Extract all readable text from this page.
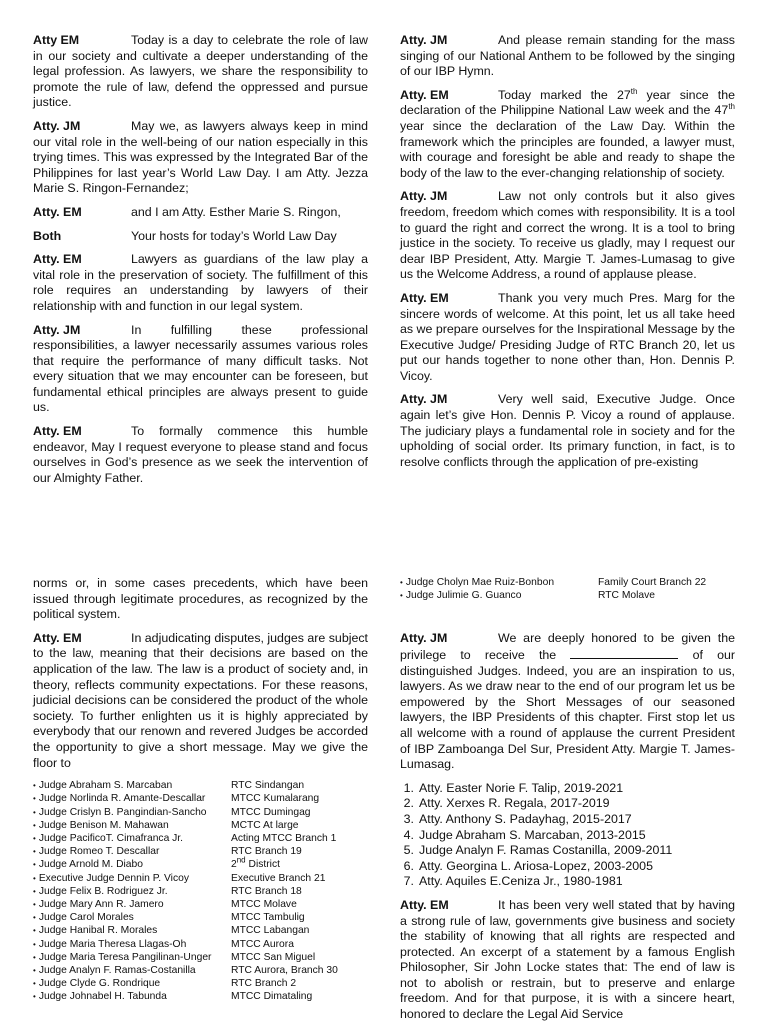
Atty EM	Today is a day to celebrate the role of law in our society and cultivate a deeper understanding of the legal profession. As lawyers, we share the responsibility to promote the rule of law, defend the oppressed and pursue justice.

Atty. JM	May we, as lawyers always keep in mind our vital role in the well-being of our nation especially in this trying times. This was expressed by the Integrated Bar of the Philippines for last year’s World Law Day. I am Atty. Jezza Marie S. Ringon-Fernandez;

Atty. EM	and I am Atty. Esther Marie S. Ringon,

Both	Your hosts for today’s World Law Day

Atty. EM	Lawyers as guardians of the law play a vital role in the preservation of society. The fulfillment of this role requires an understanding by lawyers of their relationship with and function in our legal system.

Atty. JM	In fulfilling these professional responsibilities, a lawyer necessarily assumes various roles that require the performance of many difficult tasks. Not every situation that we may encounter can be foreseen, but fundamental ethical principles are always present to guide us.

Atty. EM	To formally commence this humble endeavor, May I request everyone to please stand and focus ourselves in God’s presence as we seek the intervention of our Almighty Father.

Atty. JM	And please remain standing for the mass singing of our National Anthem to be followed by the singing of our IBP Hymn.

Atty. EM	Today marked the 27th year since the declaration of the Philippine National Law week and the 47th year since the declaration of the Law Day. Within the framework which the principles are founded, a lawyer must, with courage and foresight be able and ready to shape the body of the law to the ever-changing relationship of society.

Atty. JM	Law not only controls but it also gives freedom, freedom which comes with responsibility. It is a tool to guard the right and correct the wrong. It is a tool to bring justice in the society. To receive us gladly, may I request our dear IBP President, Atty. Margie T. James-Lumasag to give us the Welcome Address, a round of applause please.

Atty. EM	Thank you very much Pres. Marg for the sincere words of welcome. At this point, let us all take heed as we prepare ourselves for the Inspirational Message by the Executive Judge/ Presiding Judge of RTC Branch 20, let us put our hands together to none other than, Hon. Dennis P. Vicoy.

Atty. JM	Very well said, Executive Judge. Once again let’s give Hon. Dennis P. Vicoy a round of applause. The judiciary plays a fundamental role in society and for the upholding of social order. Its primary function, in fact, is to resolve conflicts through the application of pre-existing

norms or, in some cases precedents, which have been issued through legitimate procedures, as recognized by the political system.

Atty. EM	In adjudicating disputes, judges are subject to the law, meaning that their decisions are based on the application of the law. The law is a product of society and, in theory, reflects community expectations. For these reasons, judicial decisions can be considered the product of the whole society. To further enlighten us it is highly appreciated by everybody that our renown and revered Judges be accorded the opportunity to give a short message. May we give the floor to

• Judge Abraham S. Marcaban	RTC Sindangan
• Judge Norlinda R. Amante-Descallar	MTCC Kumalarang
• Judge Crislyn B. Pangindian-Sancho	MTCC Dumingag
• Judge Benison M. Mahawan	MCTC At large
• Judge PacificoT. Cimafranca Jr.	Acting MTCC Branch 1
• Judge Romeo T. Descallar	RTC Branch 19
• Judge Arnold M. Diabo	2nd District
• Executive Judge Dennin P. Vicoy	Executive Branch 21
• Judge Felix B. Rodriguez Jr.	RTC Branch 18
• Judge Mary Ann R. Jamero	MTCC Molave
• Judge Carol Morales	MTCC Tambulig
• Judge Hanibal R. Morales	MTCC Labangan
• Judge Maria Theresa Llagas-Oh	MTCC Aurora
• Judge Maria Teresa Pangilinan-Unger	MTCC San Miguel
• Judge Analyn F. Ramas-Costanilla	RTC Aurora, Branch 30
• Judge Clyde G. Rondrique	RTC Branch 2
• Judge Johnabel H. Tabunda	MTCC Dimataling
• Judge Cholyn Mae Ruiz-Bonbon	Family Court Branch 22
• Judge Julimie G. Guanco	RTC Molave

Atty. JM	We are deeply honored to be given the privilege to receive the	of our distinguished Judges. Indeed, you are an inspiration to us, lawyers. As we draw near to the end of our program let us be empowered by the Short Messages of our seasoned lawyers, the IBP Presidents of this chapter. First stop let us all welcome with a round of applause the current President of IBP Zamboanga Del Sur, President Atty. Margie T. James-Lumasag.

1. Atty. Easter Norie F. Talip, 2019-2021
2. Atty. Xerxes R. Regala, 2017-2019
3. Atty. Anthony S. Padayhag, 2015-2017
4. Judge Abraham S. Marcaban, 2013-2015
5. Judge Analyn F. Ramas Costanilla, 2009-2011
6. Atty. Georgina L. Ariosa-Lopez, 2003-2005
7. Atty. Aquiles E.Ceniza Jr., 1980-1981

Atty. EM	It has been very well stated that by having a strong rule of law, governments give business and society the stability of knowing that all rights are respected and protected. An excerpt of a statement by a famous English Philosopher, Sir John Locke states that: The end of law is not to abolish or restrain, but to preserve and enlarge freedom. And for that purpose, it is with a sincere heart, honored to declare the Legal Aid Service
